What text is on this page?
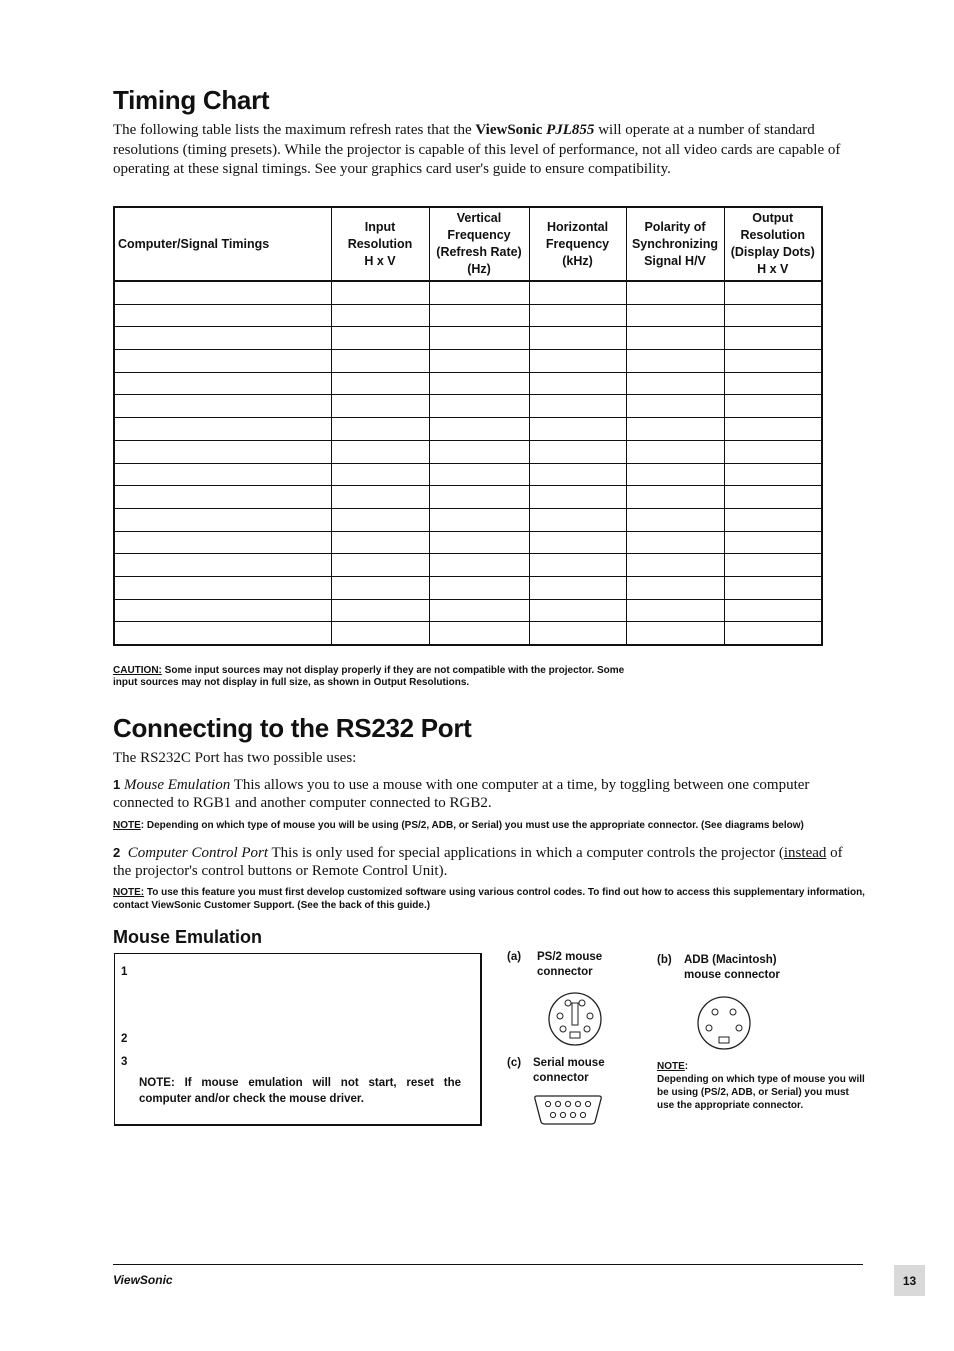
Timing Chart
The following table lists the maximum refresh rates that the ViewSonic PJL855 will operate at a number of standard resolutions (timing presets). While the projector is capable of this level of performance, not all video cards are capable of operating at these signal timings. See your graphics card user's guide to ensure compatibility.
Computer/Signal Timings	Input
Resolution
H x V	Vertical
Frequency
(Refresh Rate)
(Hz)	Horizontal
Frequency
(kHz)	Polarity of
Synchronizing
Signal H/V	Output
Resolution
(Display Dots)
H x V

CAUTION: Some input sources may not display properly if they are not compatible with the projector. Some input sources may not display in full size, as shown in Output Resolutions.
Connecting to the RS232 Port
The RS232C Port has two possible uses:
1 Mouse Emulation This allows you to use a mouse with one computer at a time, by toggling between one computer connected to RGB1 and another computer connected to RGB2.
NOTE: Depending on which type of mouse you will be using (PS/2, ADB, or Serial) you must use the appropriate connector. (See diagrams below)
2 Computer Control Port This is only used for special applications in which a computer controls the projector (instead of the projector's control buttons or Remote Control Unit).
NOTE: To use this feature you must first develop customized software using various control codes. To find out how to access this supplementary information, contact ViewSonic Customer Support. (See the back of this guide.)
Mouse Emulation
1
2
3
NOTE: If mouse emulation will not start, reset the computer and/or check the mouse driver.
(a) PS/2 mouse
connector
(b) ADB (Macintosh)
mouse connector
(c) Serial mouse
connector
NOTE:
Depending on which type of mouse you will be using (PS/2, ADB, or Serial) you must use the appropriate connector.
ViewSonic	13
